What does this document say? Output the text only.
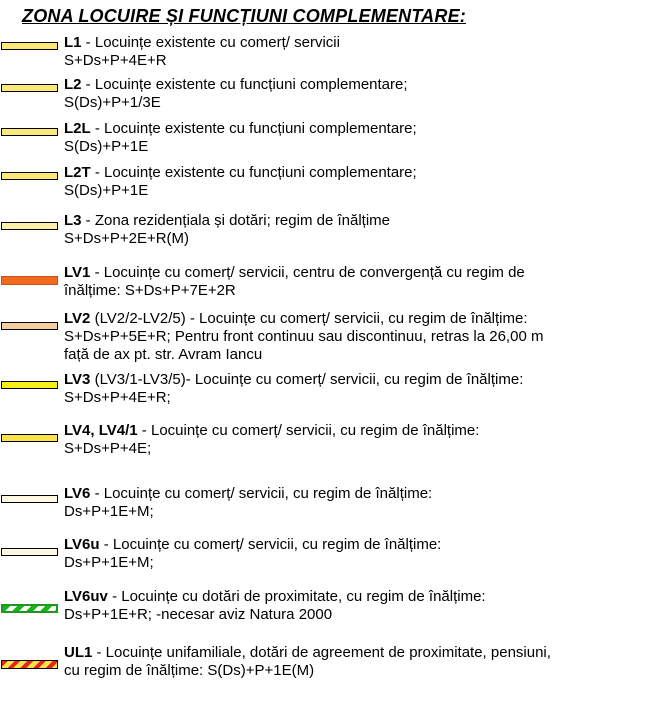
ZONA LOCUIRE ȘI FUNCȚIUNI COMPLEMENTARE:
L1 - Locuințe existente cu comerț/ servicii
S+Ds+P+4E+R
L2 - Locuințe existente cu funcțiuni complementare;
S(Ds)+P+1/3E
L2L - Locuințe existente cu funcțiuni complementare;
S(Ds)+P+1E
L2T - Locuințe existente cu funcțiuni complementare;
S(Ds)+P+1E
L3 - Zona rezidențiala și dotări; regim de înălțime
S+Ds+P+2E+R(M)
LV1 - Locuințe cu comerț/ servicii, centru de convergență cu regim de
înălțime: S+Ds+P+7E+2R
LV2 (LV2/2-LV2/5) - Locuințe cu comerț/ servicii, cu regim de înălțime:
S+Ds+P+5E+R; Pentru front continuu sau discontinuu, retras la 26,00 m
față de ax pt. str. Avram Iancu
LV3 (LV3/1-LV3/5)- Locuințe cu comerț/ servicii, cu regim de înălțime:
S+Ds+P+4E+R;
LV4, LV4/1 - Locuințe cu comerț/ servicii, cu regim de înălțime:
S+Ds+P+4E;
LV6 - Locuințe cu comerț/ servicii, cu regim de înălțime:
Ds+P+1E+M;
LV6u - Locuințe cu comerț/ servicii, cu regim de înălțime:
Ds+P+1E+M;
LV6uv - Locuințe cu dotări de proximitate, cu regim de înălțime:
Ds+P+1E+R; -necesar aviz Natura 2000
UL1 - Locuințe unifamiliale, dotări de agreement de proximitate, pensiuni,
cu regim de înălțime: S(Ds)+P+1E(M)
